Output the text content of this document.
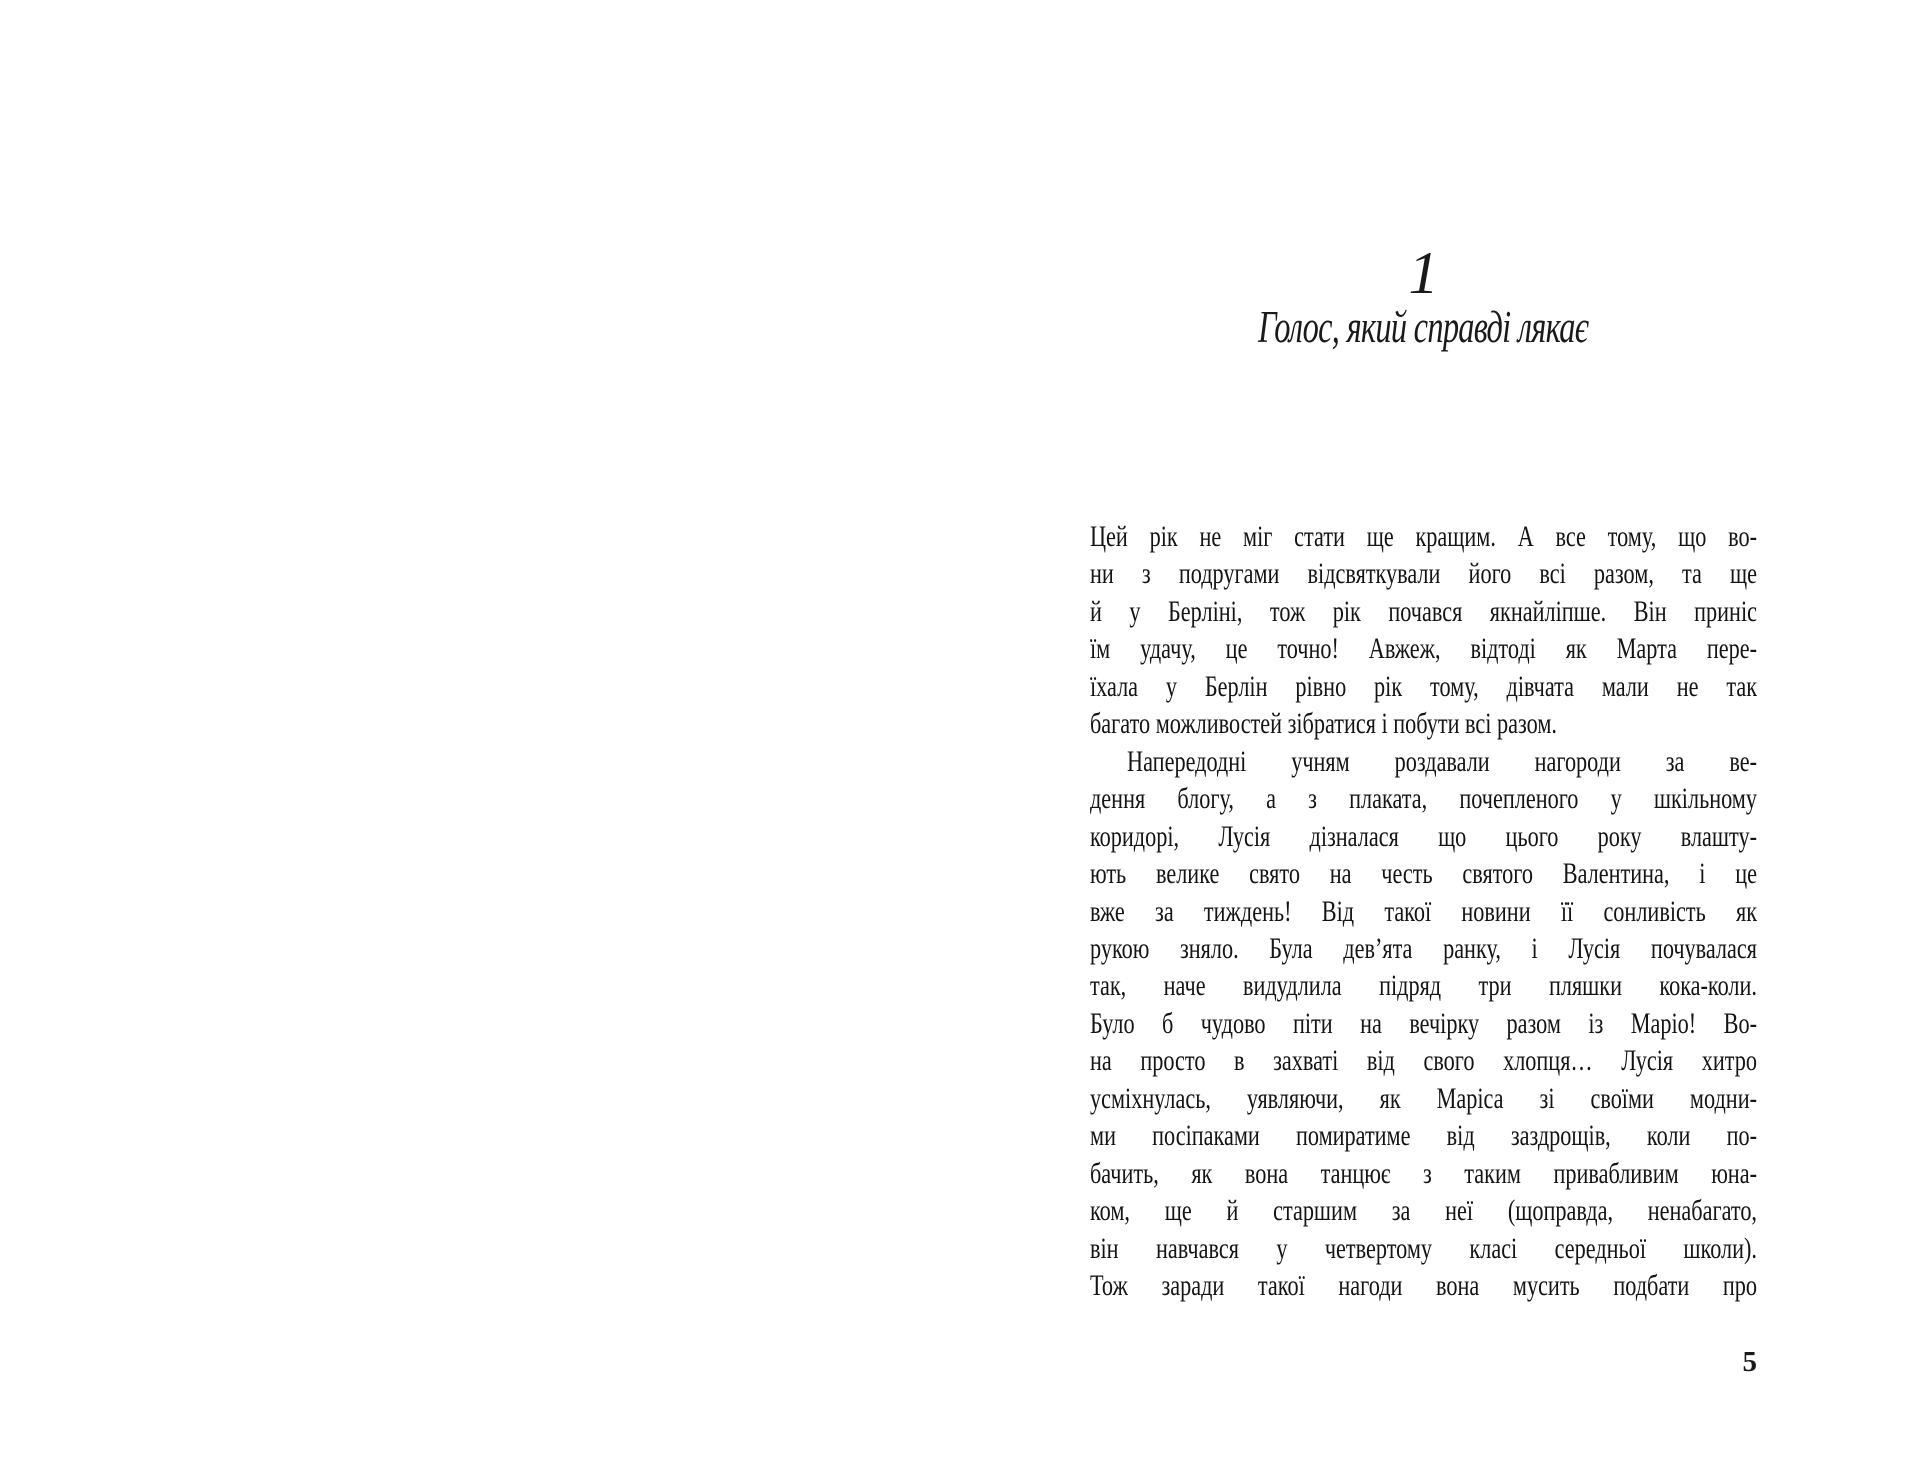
1
Голос, який справді лякає
Цей рік не міг стати ще кращим. А все тому, що во-
ни з подругами відсвяткували його всі разом, та ще
й у Берліні, тож рік почався якнайліпше. Він приніс
їм удачу, це точно! Авжеж, відтоді як Марта пере-
їхала у Берлін рівно рік тому, дівчата мали не так
багато можливостей зібратися і побути всі разом.
Напередодні учням роздавали нагороди за ве-
дення блогу, а з плаката, почепленого у шкільному
коридорі, Лусія дізналася що цього року влашту-
ють велике свято на честь святого Валентина, і це
вже за тиждень! Від такої новини її сонливість як
рукою зняло. Була дев’ята ранку, і Лусія почувалася
так, наче видудлила підряд три пляшки кока-коли.
Було б чудово піти на вечірку разом із Маріо! Во-
на просто в захваті від свого хлопця… Лусія хитро
усміхнулась, уявляючи, як Маріса зі своїми модни-
ми посіпаками помиратиме від заздрощів, коли по-
бачить, як вона танцює з таким привабливим юна-
ком, ще й старшим за неї (щоправда, ненабагато,
він навчався у четвертому класі середньої школи).
Тож заради такої нагоди вона мусить подбати про
5
